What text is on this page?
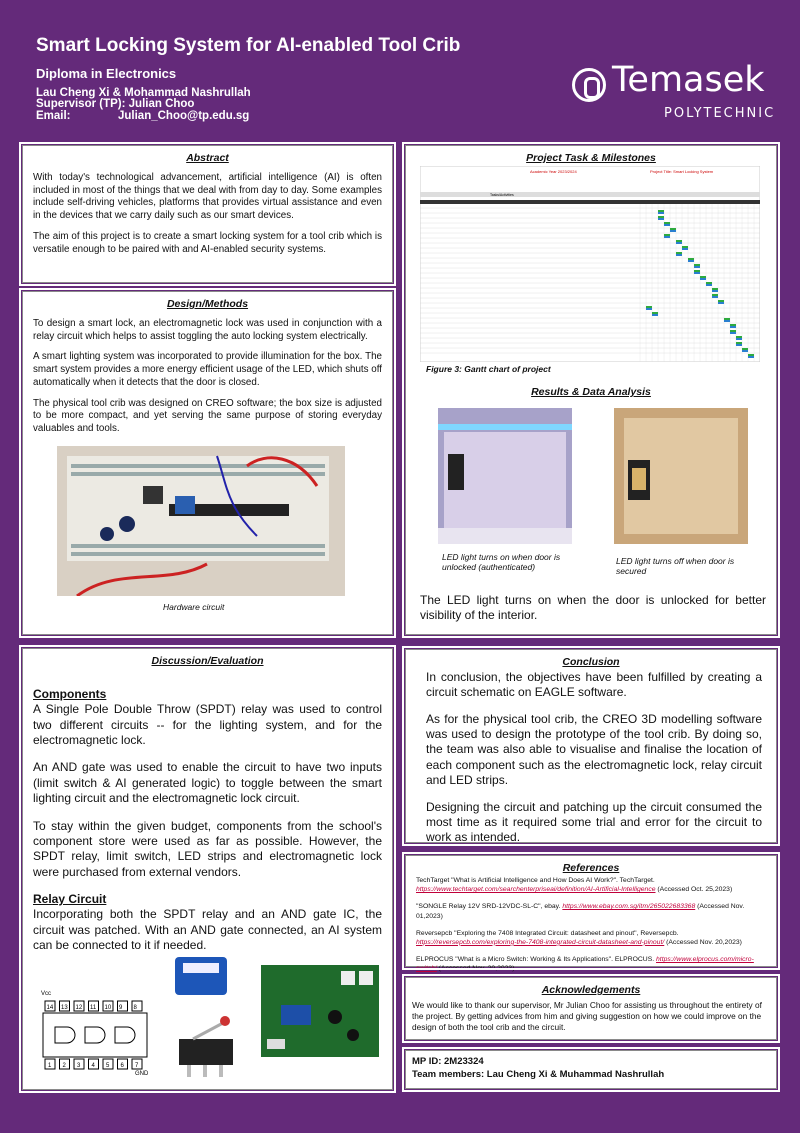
Smart Locking System for AI-enabled Tool Crib
Diploma in Electronics
Lau Cheng Xi & Mohammad Nashrullah
Supervisor (TP): Julian Choo
Email:	Julian_Choo@tp.edu.sg
Temasek
POLYTECHNIC
Abstract

With today's technological advancement, artificial intelligence (AI) is often included in most of the things that we deal with from day to day. Some examples include self-driving vehicles, platforms that provides virtual assistance and even in the devices that we carry daily such as our smart devices.

The aim of this project is to create a smart locking system for a tool crib which is versatile enough to be paired with and AI-enabled security systems.

Design/Methods

To design a smart lock, an electromagnetic lock was used in conjunction with a relay circuit which helps to assist toggling the auto locking system electrically.

A smart lighting system was incorporated to provide illumination for the box. The smart system provides a more energy efficient usage of the LED, which shuts off automatically when it detects that the door is closed.

The physical tool crib was designed on CREO software; the box size is adjusted to be more compact, and yet serving the same purpose of storing everyday valuables and tools.

Hardware circuit
Discussion/Evaluation
Components

A Single Pole Double Throw (SPDT) relay was used to control two different circuits -- for the lighting system, and for the electromagnetic lock.

An AND gate was used to enable the circuit to have two inputs (limit switch & AI generated logic) to toggle between the smart lighting circuit and the electromagnetic lock circuit.

To stay within the given budget, components from the school's component store were used as far as possible. However, the SPDT relay, limit switch, LED strips and electromagnetic lock were purchased from external vendors.

Relay Circuit

Incorporating both the SPDT relay and an AND gate IC, the circuit was patched. With an AND gate connected, an AI system can be connected to it if needed.

Vcc
14 13 12 11 10 9 8
1 2 3 4 5 6 7
GND
Project Task & Milestones
Academic Year 2023/2024	Project Title: Smart Locking System
Tasks/Activities
Figure 3: Gantt chart of project
Results & Data Analysis
LED light turns on when door is unlocked (authenticated)
LED light turns off when door is secured
The LED light turns on when the door is unlocked for better visibility of the interior.
Conclusion

In conclusion, the objectives have been fulfilled by creating a circuit schematic on EAGLE software.

As for the physical tool crib, the CREO 3D modelling software was used to design the prototype of the tool crib. By doing so, the team was also able to visualise and finalise the location of each component such as the electromagnetic lock, relay circuit and LED strips.

Designing the circuit and patching up the circuit consumed the most time as it required some trial and error for the circuit to work as intended.

References
TechTarget "What is Artificial Intelligence and How Does AI Work?". TechTarget. https://www.techtarget.com/searchenterpriseai/definition/AI-Artificial-Intelligence (Accessed Oct. 25,2023)
"SONGLE Relay 12V SRD-12VDC-SL-C", ebay. https://www.ebay.com.sg/itm/265022683368 (Accessed Nov. 01,2023)
Reversepcb "Exploring the 7408 Integrated Circuit: datasheet and pinout", Reversepcb. https://reversepcb.com/exploring-the-7408-integrated-circuit-datasheet-and-pinout/ (Accessed Nov. 20,2023)
ELPROCUS "What is a Micro Switch: Working & Its Applications". ELPROCUS. https://www.elprocus.com/micro-switch/ (Accessed Nov. 20,2023)
Acknowledgements
We would like to thank our supervisor, Mr Julian Choo for assisting us throughout the entirety of the project. By getting advices from him and giving suggestion on how we could improve on the design of both the tool crib and the circuit.
MP ID: 2M23324
Team members: Lau Cheng Xi & Muhammad Nashrullah
